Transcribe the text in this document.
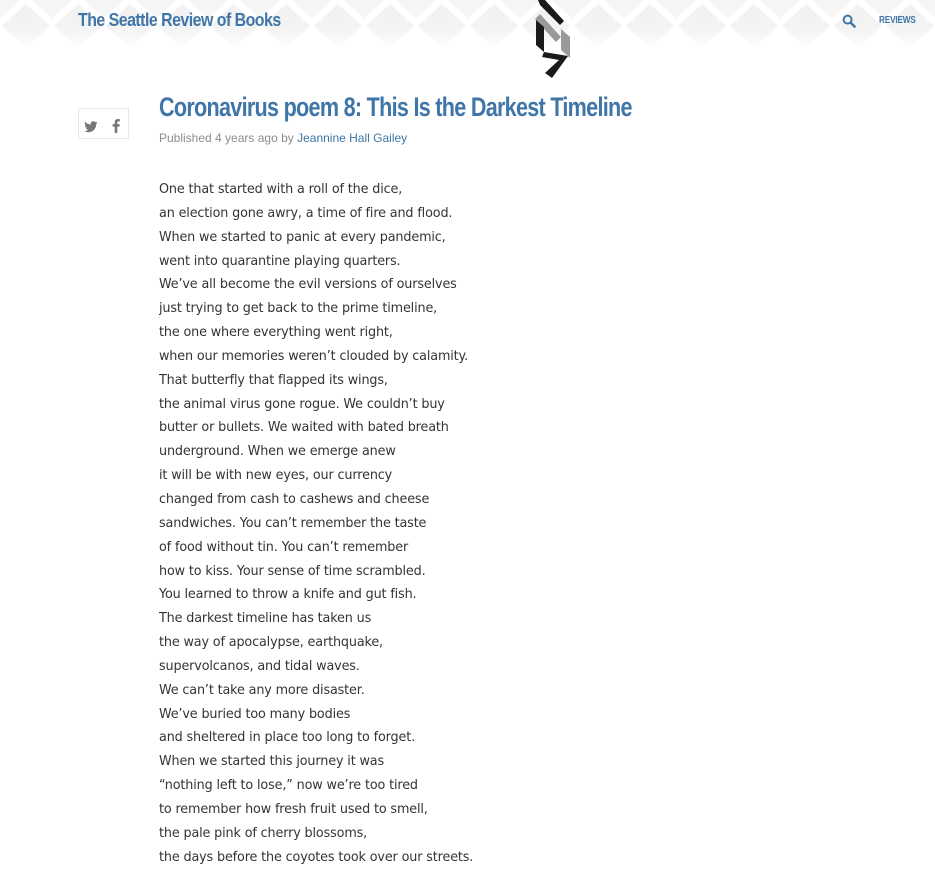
The Seattle Review of Books	REVIEWS
Coronavirus poem 8: This Is the Darkest Timeline
Published 4 years ago by Jeannine Hall Gailey
One that started with a roll of the dice,
an election gone awry, a time of fire and flood.
When we started to panic at every pandemic,
went into quarantine playing quarters.
We’ve all become the evil versions of ourselves
just trying to get back to the prime timeline,
the one where everything went right,
when our memories weren’t clouded by calamity.
That butterfly that flapped its wings,
the animal virus gone rogue. We couldn’t buy
butter or bullets. We waited with bated breath
underground. When we emerge anew
it will be with new eyes, our currency
changed from cash to cashews and cheese
sandwiches. You can’t remember the taste
of food without tin. You can’t remember
how to kiss. Your sense of time scrambled.
You learned to throw a knife and gut fish.
The darkest timeline has taken us
the way of apocalypse, earthquake,
supervolcanos, and tidal waves.
We can’t take any more disaster.
We’ve buried too many bodies
and sheltered in place too long to forget.
When we started this journey it was
“nothing left to lose,” now we’re too tired
to remember how fresh fruit used to smell,
the pale pink of cherry blossoms,
the days before the coyotes took over our streets.
